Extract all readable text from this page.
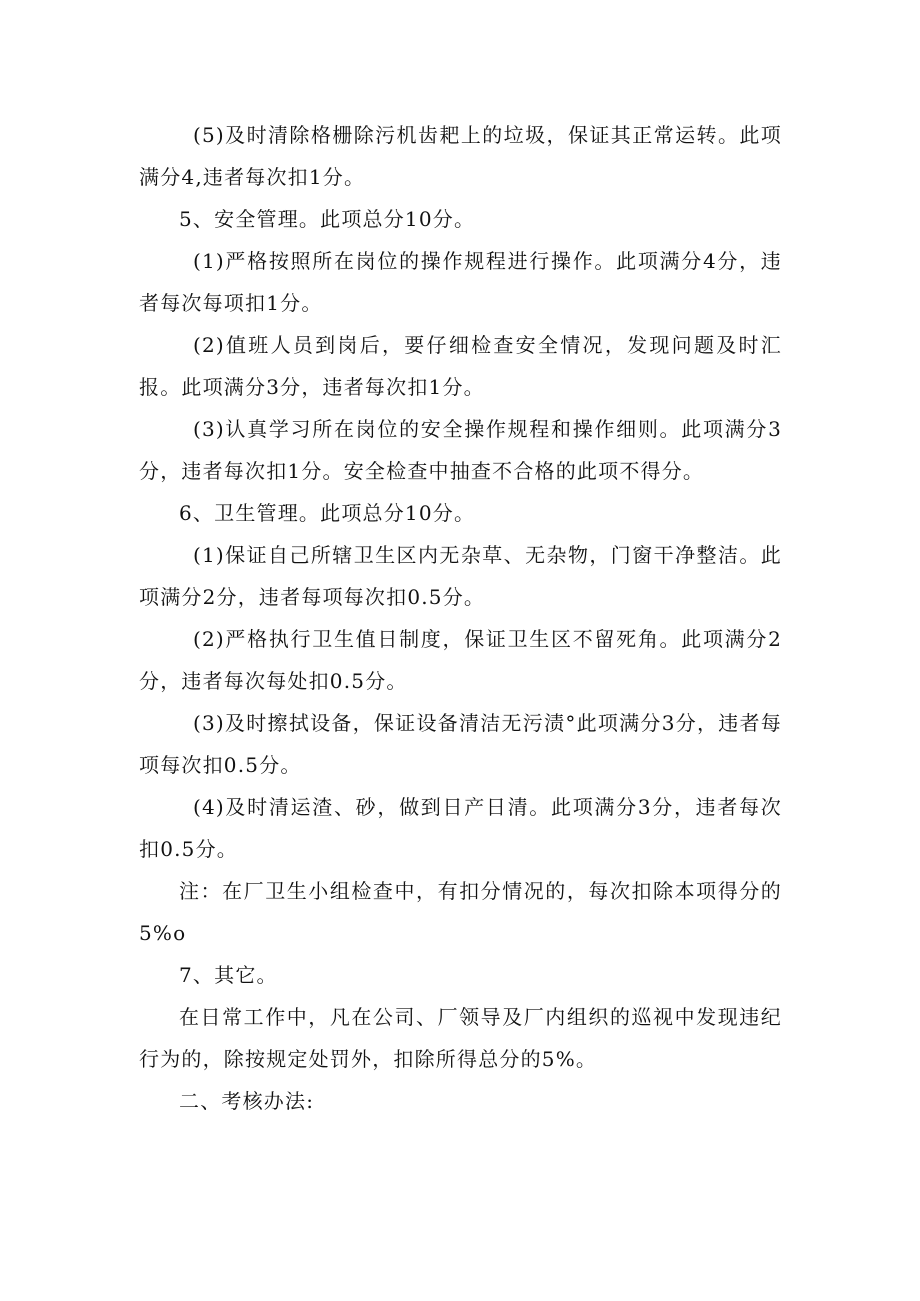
(5)及时清除格栅除污机齿耙上的垃圾，保证其正常运转。此项满分4,违者每次扣1分。

5、安全管理。此项总分10分。

(1)严格按照所在岗位的操作规程进行操作。此项满分4分，违者每次每项扣1分。

(2)值班人员到岗后，要仔细检查安全情况，发现问题及时汇报。此项满分3分，违者每次扣1分。

(3)认真学习所在岗位的安全操作规程和操作细则。此项满分3分，违者每次扣1分。安全检查中抽查不合格的此项不得分。

6、卫生管理。此项总分10分。

(1)保证自己所辖卫生区内无杂草、无杂物，门窗干净整洁。此项满分2分，违者每项每次扣0.5分。

(2)严格执行卫生值日制度，保证卫生区不留死角。此项满分2分，违者每次每处扣0.5分。

(3)及时擦拭设备，保证设备清洁无污渍°此项满分3分，违者每项每次扣0.5分。

(4)及时清运渣、砂，做到日产日清。此项满分3分，违者每次扣0.5分。

注：在厂卫生小组检查中，有扣分情况的，每次扣除本项得分的5%o

7、其它。

在日常工作中，凡在公司、厂领导及厂内组织的巡视中发现违纪行为的，除按规定处罚外，扣除所得总分的5%。

二、考核办法:
